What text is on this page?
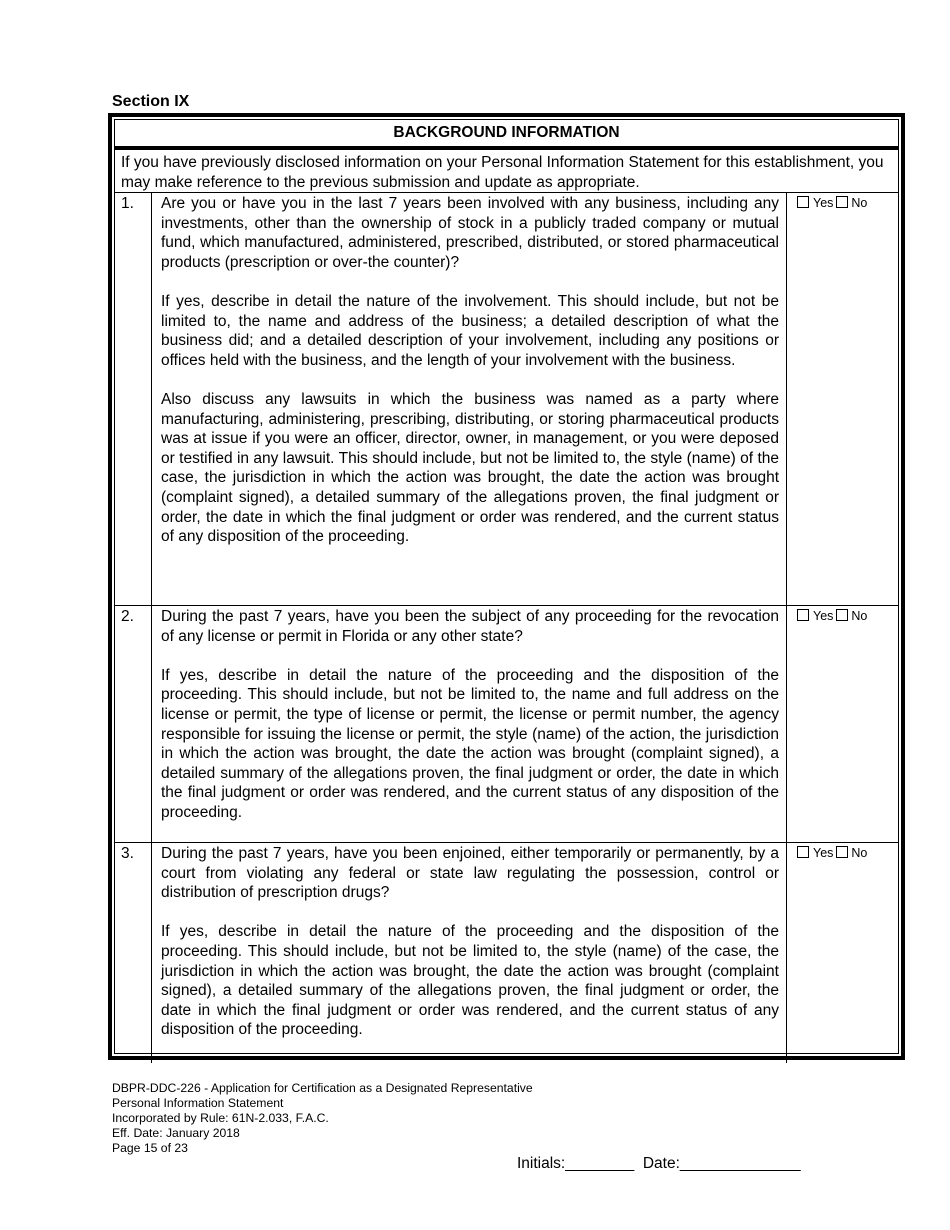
Section IX
BACKGROUND INFORMATION
If you have previously disclosed information on your Personal Information Statement for this establishment, you may make reference to the previous submission and update as appropriate.
1.	Are you or have you in the last 7 years been involved with any business, including any investments, other than the ownership of stock in a publicly traded company or mutual fund, which manufactured, administered, prescribed, distributed, or stored pharmaceutical products (prescription or over-the counter)?

If yes, describe in detail the nature of the involvement. This should include, but not be limited to, the name and address of the business; a detailed description of what the business did; and a detailed description of your involvement, including any positions or offices held with the business, and the length of your involvement with the business.

Also discuss any lawsuits in which the business was named as a party where manufacturing, administering, prescribing, distributing, or storing pharmaceutical products was at issue if you were an officer, director, owner, in management, or you were deposed or testified in any lawsuit. This should include, but not be limited to, the style (name) of the case, the jurisdiction in which the action was brought, the date the action was brought (complaint signed), a detailed summary of the allegations proven, the final judgment or order, the date in which the final judgment or order was rendered, and the current status of any disposition of the proceeding.

Yes No
2.	During the past 7 years, have you been the subject of any proceeding for the revocation of any license or permit in Florida or any other state?

If yes, describe in detail the nature of the proceeding and the disposition of the proceeding. This should include, but not be limited to, the name and full address on the license or permit, the type of license or permit, the license or permit number, the agency responsible for issuing the license or permit, the style (name) of the action, the jurisdiction in which the action was brought, the date the action was brought (complaint signed), a detailed summary of the allegations proven, the final judgment or order, the date in which the final judgment or order was rendered, and the current status of any disposition of the proceeding.

Yes No
3.	During the past 7 years, have you been enjoined, either temporarily or permanently, by a court from violating any federal or state law regulating the possession, control or distribution of prescription drugs?

If yes, describe in detail the nature of the proceeding and the disposition of the proceeding. This should include, but not be limited to, the style (name) of the case, the jurisdiction in which the action was brought, the date the action was brought (complaint signed), a detailed summary of the allegations proven, the final judgment or order, the date in which the final judgment or order was rendered, and the current status of any disposition of the proceeding.

Yes No
DBPR-DDC-226 - Application for Certification as a Designated Representative
Personal Information Statement
Incorporated by Rule: 61N-2.033, F.A.C.
Eff. Date: January 2018
Page 15 of 23
Initials:________ Date:______________
